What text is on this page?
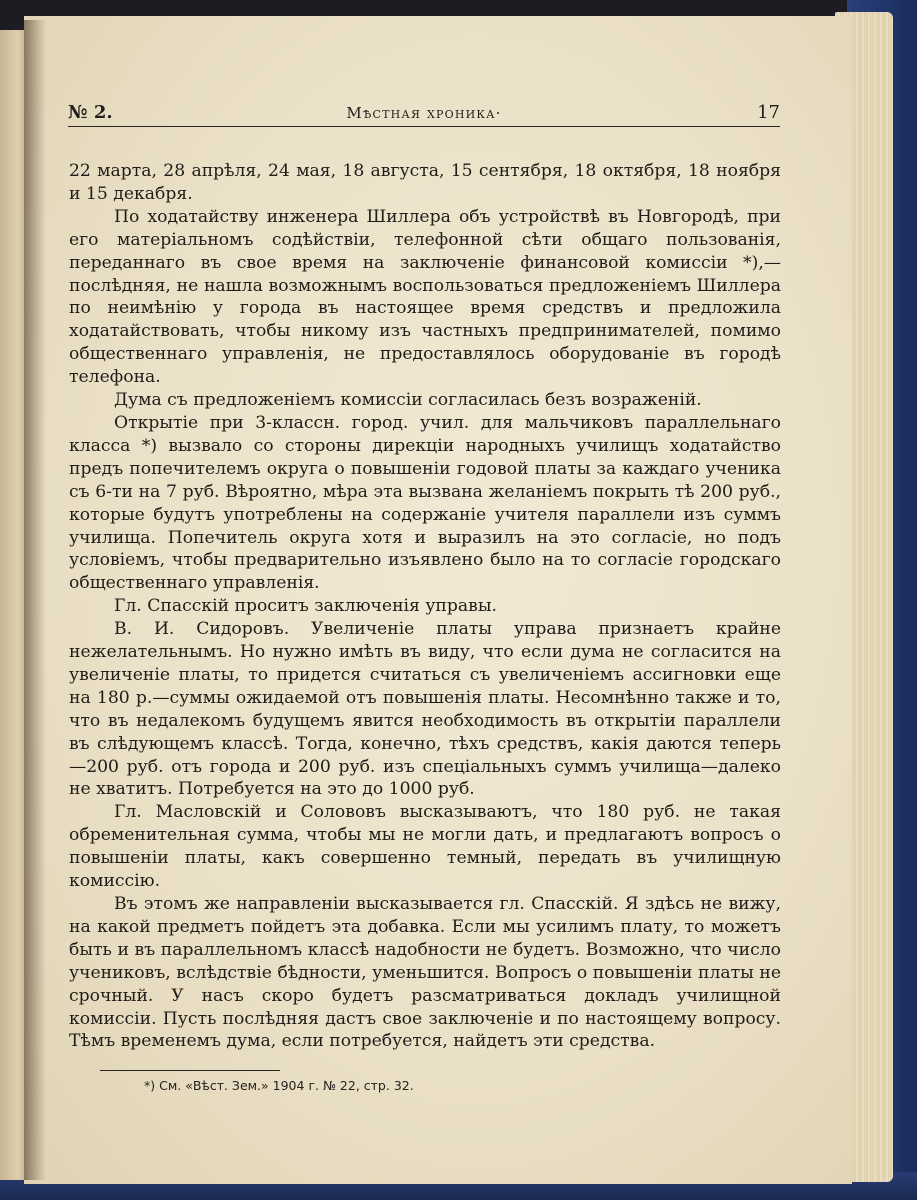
№ 2.	Мѣстная хроника·	17

22 марта, 28 апрѣля, 24 мая, 18 августа, 15 сентября, 18 октября, 18 ноября и 15 декабря.

По ходатайству инженера Шиллера объ устройствѣ въ Новгородѣ, при его матеріальномъ содѣйствіи, телефонной сѣти общаго пользованія, переданнаго въ свое время на заключеніе финансовой комиссіи *),— послѣдняя, не нашла возможнымъ воспользоваться предложеніемъ Шиллера по неимѣнію у города въ настоящее время средствъ и предложила ходатайствовать, чтобы никому изъ частныхъ предпринимателей, помимо общественнаго управленія, не предоставлялось оборудованіе въ городѣ телефона.

Дума съ предложеніемъ комиссіи согласилась безъ возраженій.

Открытіе при 3-классн. город. учил. для мальчиковъ параллельнаго класса *) вызвало со стороны дирекціи народныхъ училищъ ходатайство предъ попечителемъ округа о повышеніи годовой платы за каждаго ученика съ 6-ти на 7 руб. Вѣроятно, мѣра эта вызвана желаніемъ покрыть тѣ 200 руб., которые будутъ употреблены на содержаніе учителя параллели изъ суммъ училища. Попечитель округа хотя и выразилъ на это согласіе, но подъ условіемъ, чтобы предварительно изъявлено было на то согласіе городскаго общественнаго управленія.

Гл. Спасскій проситъ заключенія управы.

В. И. Сидоровъ. Увеличеніе платы управа признаетъ крайне нежелательнымъ. Но нужно имѣть въ виду, что если дума не согласится на увеличеніе платы, то придется считаться съ увеличеніемъ ассигновки еще на 180 р.—суммы ожидаемой отъ повышенія платы. Несомнѣнно также и то, что въ недалекомъ будущемъ явится необходимость въ открытіи параллели въ слѣдующемъ классѣ. Тогда, конечно, тѣхъ средствъ, какія даются теперь—200 руб. отъ города и 200 руб. изъ спеціальныхъ суммъ училища—далеко не хватитъ. Потребуется на это до 1000 руб.

Гл. Масловскій и Солововъ высказываютъ, что 180 руб. не такая обременительная сумма, чтобы мы не могли дать, и предлагаютъ вопросъ о повышеніи платы, какъ совершенно темный, передать въ училищную комиссію.

Въ этомъ же направленіи высказывается гл. Спасскій. Я здѣсь не вижу, на какой предметъ пойдетъ эта добавка. Если мы усилимъ плату, то можетъ быть и въ параллельномъ классѣ надобности не будетъ. Возможно, что число учениковъ, вслѣдствіе бѣдности, уменьшится. Вопросъ о повышеніи платы не срочный. У насъ скоро будетъ разсматриваться докладъ училищной комиссіи. Пусть послѣдняя дастъ свое заключеніе и по настоящему вопросу. Тѣмъ временемъ дума, если потребуется, найдетъ эти средства.

*) См. «Вѣст. Зем.» 1904 г. № 22, стр. 32.
